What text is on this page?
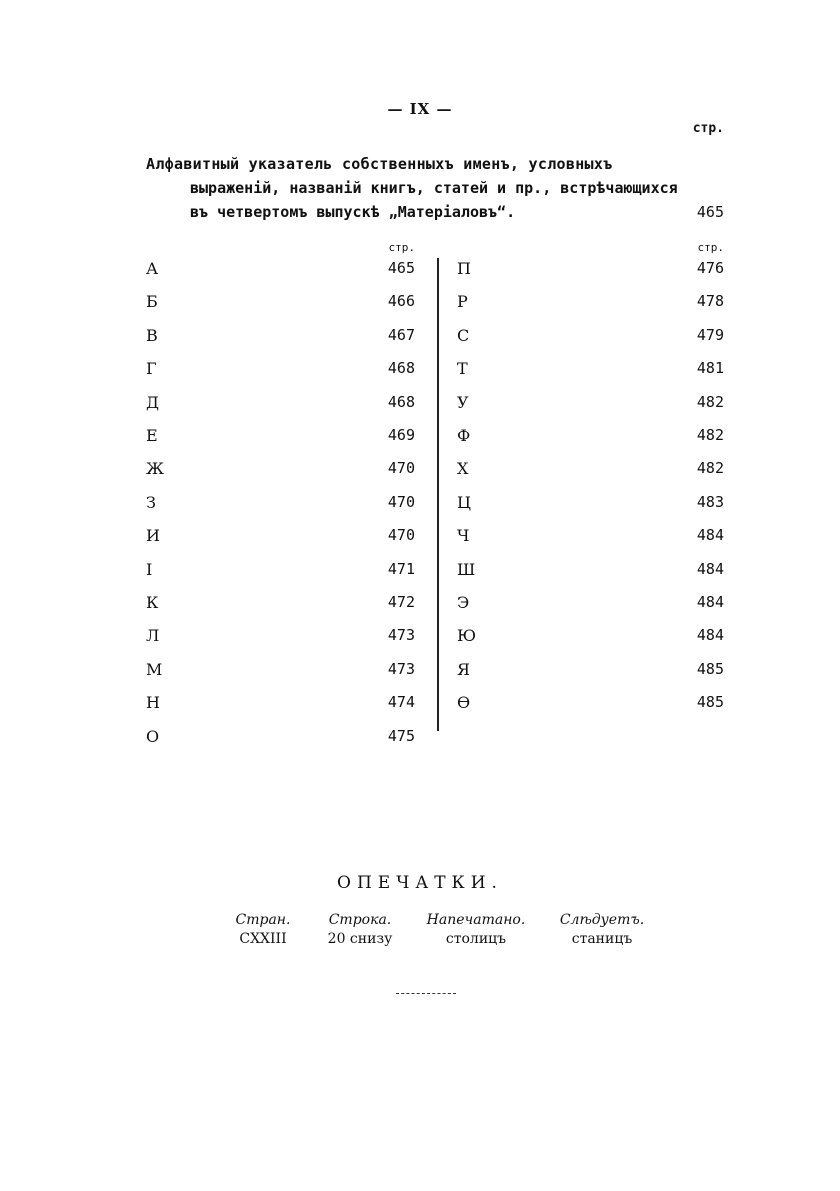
— IX —
стр.
Алфавитный указатель собственныхъ именъ, условныхъ
выраженій, названій книгъ, статей и пр., встрѣчающихся
въ четвертомъ выпускѣ „Матеріаловъ“.	465
стр.	стр.
А	465
Б	466
В	467
Г	468
Д	468
Е	469
Ж	470
З	470
И	470
І	471
К	472
Л	473
М	473
Н	474
О	475
П	476
Р	478
С	479
Т	481
У	482
Ф	482
Х	482
Ц	483
Ч	484
Ш	484
Э	484
Ю	484
Я	485
Ѳ	485
ОПЕЧАТКИ.
Стран.	Строка.	Напечатано.	Слѣдуетъ.
CXXIII	20 снизу	столицъ	станицъ
